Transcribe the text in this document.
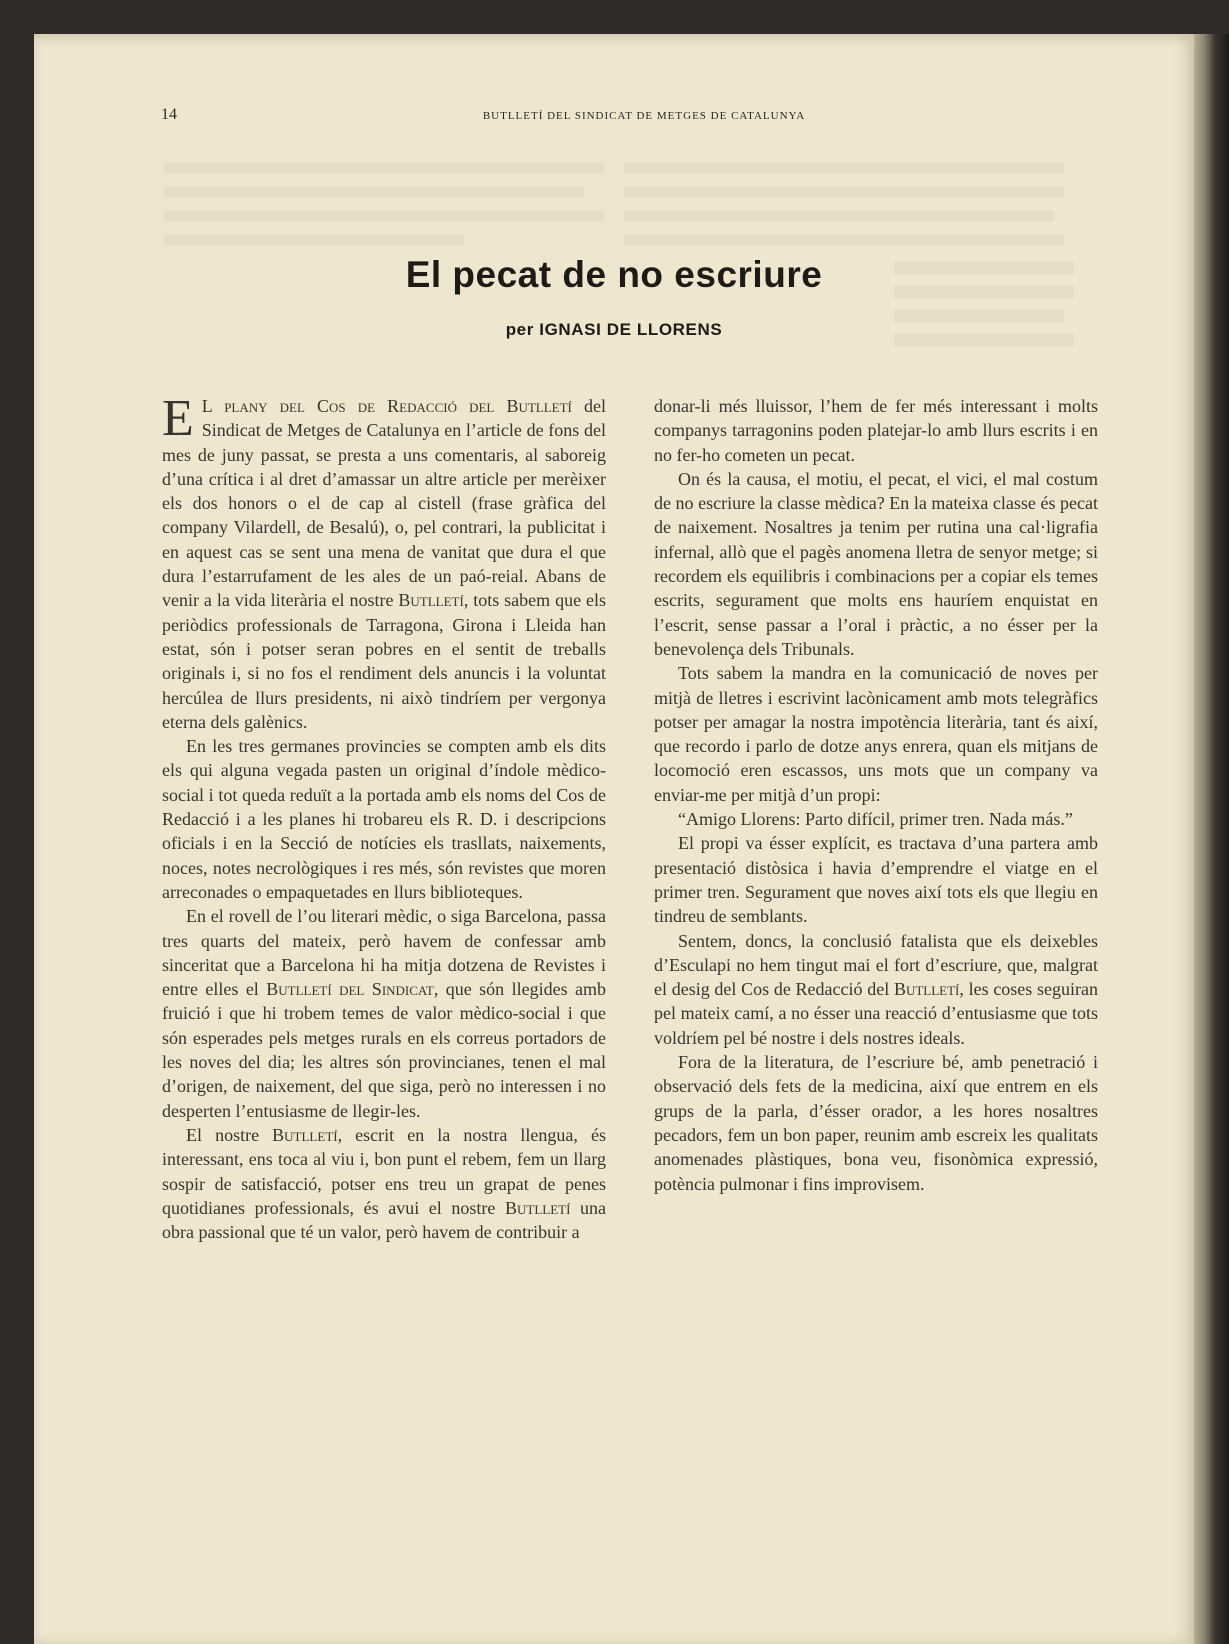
14	BUTLLETÍ DEL SINDICAT DE METGES DE CATALUNYA
El pecat de no escriure
per IGNASI DE LLORENS

E L plany del Cos de Redacció del Butlletí del Sindicat de Metges de Catalunya en l’article de fons del mes de juny passat, se presta a uns comentaris, al saboreig d’una crítica i al dret d’amassar un altre article per merèixer els dos honors o el de cap al cistell (frase gràfica del company Vilardell, de Besalú), o, pel contrari, la publicitat i en aquest cas se sent una mena de vanitat que dura el que dura l’estarrufament de les ales de un paó-reial. Abans de venir a la vida literària el nostre Butlletí, tots sabem que els periòdics professionals de Tarragona, Girona i Lleida han estat, són i potser seran pobres en el sentit de treballs originals i, si no fos el rendiment dels anuncis i la voluntat hercúlea de llurs presidents, ni això tindríem per vergonya eterna dels galènics.

En les tres germanes provincies se compten amb els dits els qui alguna vegada pasten un original d’índole mèdico-social i tot queda reduït a la portada amb els noms del Cos de Redacció i a les planes hi trobareu els R. D. i descripcions oficials i en la Secció de notícies els trasllats, naixements, noces, notes necrològiques i res més, són revistes que moren arreconades o empaquetades en llurs biblioteques.

En el rovell de l’ou literari mèdic, o siga Barcelona, passa tres quarts del mateix, però havem de confessar amb sinceritat que a Barcelona hi ha mitja dotzena de Revistes i entre elles el Butlletí del Sindicat, que són llegides amb fruició i que hi trobem temes de valor mèdico-social i que són esperades pels metges rurals en els correus portadors de les noves del dia; les altres són provincianes, tenen el mal d’origen, de naixement, del que siga, però no interessen i no desperten l’entusiasme de llegir-les.

El nostre Butlletí, escrit en la nostra llengua, és interessant, ens toca al viu i, bon punt el rebem, fem un llarg sospir de satisfacció, potser ens treu un grapat de penes quotidianes professionals, és avui el nostre Butlletí una obra passional que té un valor, però havem de contribuir a

donar-li més lluissor, l’hem de fer més interessant i molts companys tarragonins poden platejar-lo amb llurs escrits i en no fer-ho cometen un pecat.

On és la causa, el motiu, el pecat, el vici, el mal costum de no escriure la classe mèdica? En la mateixa classe és pecat de naixement. Nosaltres ja tenim per rutina una cal·ligrafia infernal, allò que el pagès anomena lletra de senyor metge; si recordem els equilibris i combinacions per a copiar els temes escrits, segurament que molts ens hauríem enquistat en l’escrit, sense passar a l’oral i pràctic, a no ésser per la benevolença dels Tribunals.

Tots sabem la mandra en la comunicació de noves per mitjà de lletres i escrivint lacònicament amb mots telegràfics potser per amagar la nostra impotència literària, tant és així, que recordo i parlo de dotze anys enrera, quan els mitjans de locomoció eren escassos, uns mots que un company va enviar-me per mitjà d’un propi:

“Amigo Llorens: Parto difícil, primer tren. Nada más.”

El propi va ésser explícit, es tractava d’una partera amb presentació distòsica i havia d’emprendre el viatge en el primer tren. Segurament que noves així tots els que llegiu en tindreu de semblants.

Sentem, doncs, la conclusió fatalista que els deixebles d’Esculapi no hem tingut mai el fort d’escriure, que, malgrat el desig del Cos de Redacció del Butlletí, les coses seguiran pel mateix camí, a no ésser una reacció d’entusiasme que tots voldríem pel bé nostre i dels nostres ideals.

Fora de la literatura, de l’escriure bé, amb penetració i observació dels fets de la medicina, així que entrem en els grups de la parla, d’ésser orador, a les hores nosaltres pecadors, fem un bon paper, reunim amb escreix les qualitats anomenades plàstiques, bona veu, fisonòmica expressió, potència pulmonar i fins improvisem.
